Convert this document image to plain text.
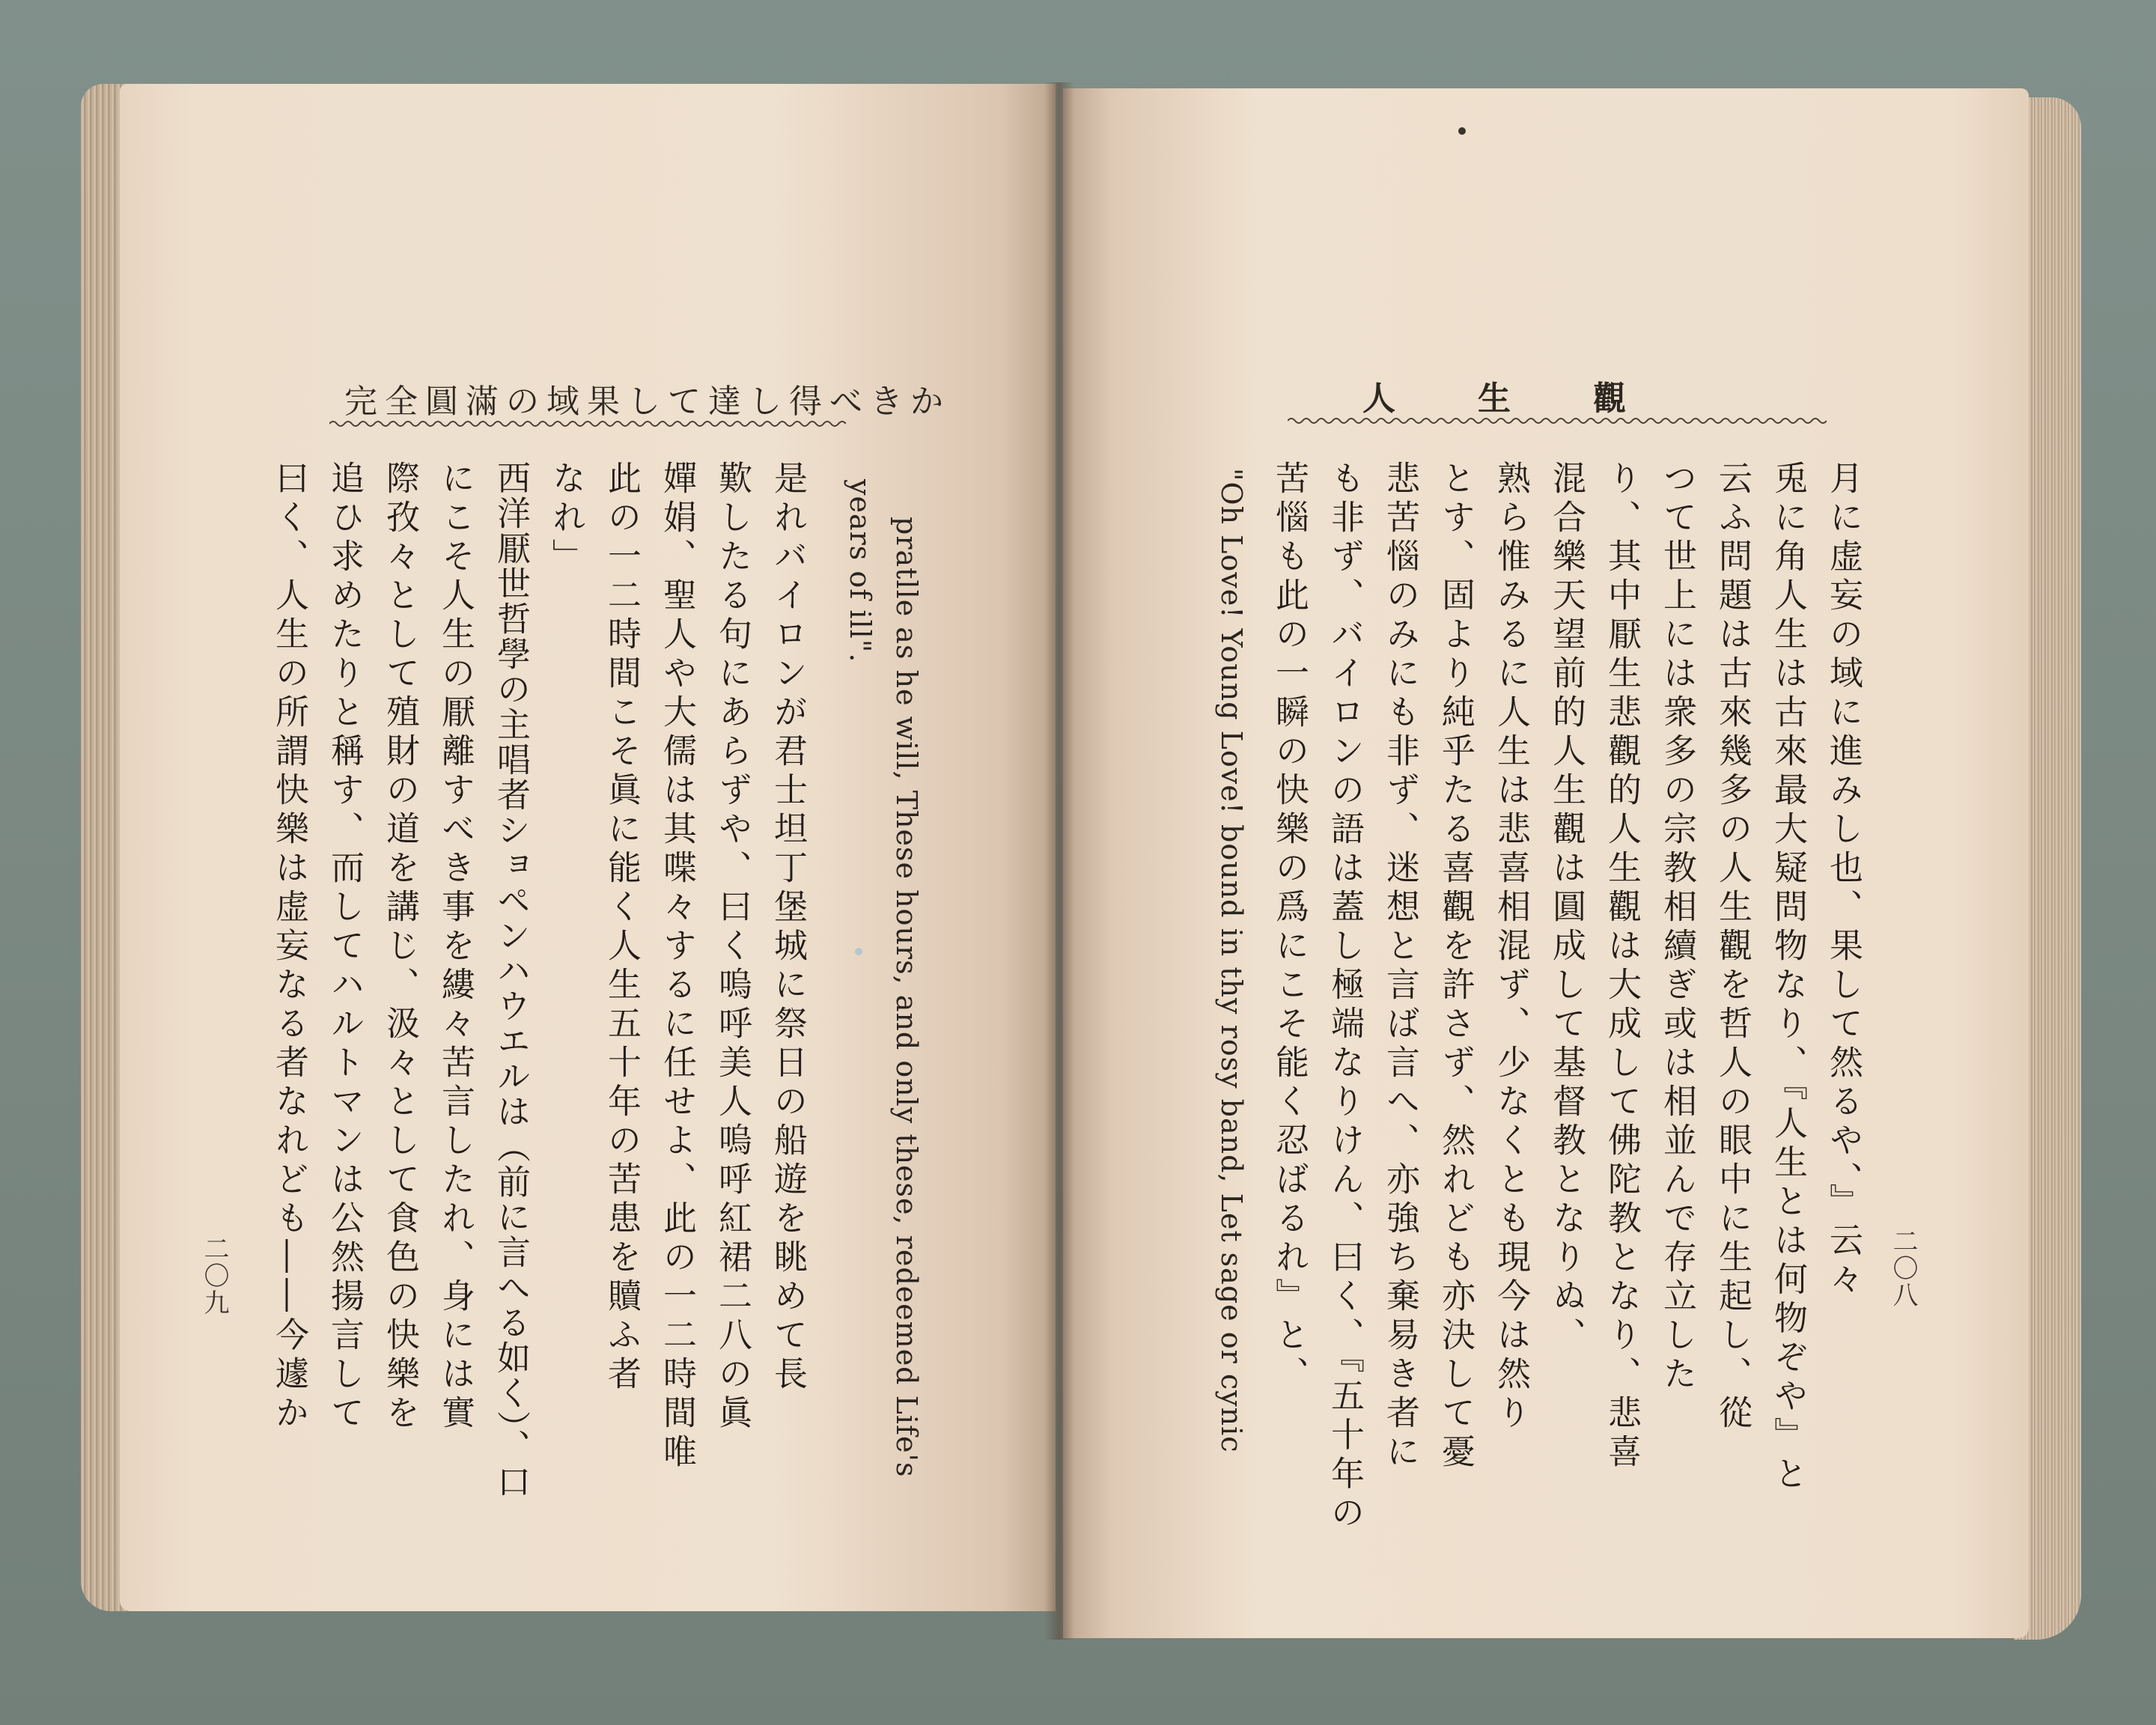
完全圓滿の域果して達し得べきか	人生觀
pratlle as he will, These hours, and only these, redeemed Life's
years of ill".
是れバイロンが君士坦丁堡城に祭日の船遊を眺めて長
歎したる句にあらずや、曰く嗚呼美人嗚呼紅裙二八の眞
嬋娟、聖人や大儒は其喋々するに任せよ、此の一二時間唯
此の一二時間こそ眞に能く人生五十年の苦患を贖ふ者
なれ」
西洋厭世哲學の主唱者ショペンハウエルは（前に言へる如く）、口
にこそ人生の厭離すべき事を縷々苦言したれ、身には實
際孜々として殖財の道を講じ、汲々として食色の快樂を
追ひ求めたりと稱す、而してハルトマンは公然揚言して
曰く、人生の所謂快樂は虚妄なる者なれども――今遽か
二〇九	月に虚妄の域に進みし也、果して然るや、』云々
兎に角人生は古來最大疑問物なり、『人生とは何物ぞや』と
云ふ問題は古來幾多の人生觀を哲人の眼中に生起し、從
つて世上には衆多の宗教相續ぎ或は相並んで存立した
り、其中厭生悲觀的人生觀は大成して佛陀教となり、悲喜
混合樂天望前的人生觀は圓成して基督教となりぬ、
熟ら惟みるに人生は悲喜相混ず、少なくとも現今は然り
とす、固より純乎たる喜觀を許さず、然れども亦決して憂
悲苦惱のみにも非ず、迷想と言ば言へ、亦強ち棄易き者に
も非ず、バイロンの語は蓋し極端なりけん、曰く、『五十年の
苦惱も此の一瞬の快樂の爲にこそ能く忍ばるれ』と、
"Oh Love! Young Love! bound in thy rosy band, Let sage or cynic	二〇八
